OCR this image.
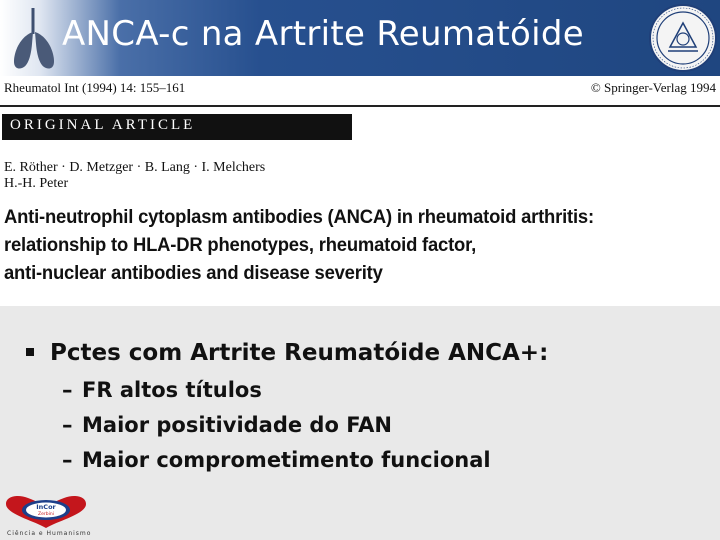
ANCA-c na Artrite Reumatóide
Rheumatol Int (1994) 14: 155–161	© Springer-Verlag 1994
ORIGINAL ARTICLE
E. Röther · D. Metzger · B. Lang · I. Melchers
H.-H. Peter
Anti-neutrophil cytoplasm antibodies (ANCA) in rheumatoid arthritis:
relationship to HLA-DR phenotypes, rheumatoid factor,
anti-nuclear antibodies and disease severity
Pctes com Artrite Reumatóide ANCA+:
– FR altos títulos
– Maior positividade do FAN
– Maior comprometimento funcional
InCor
Zerbini
Ciência e Humanismo
